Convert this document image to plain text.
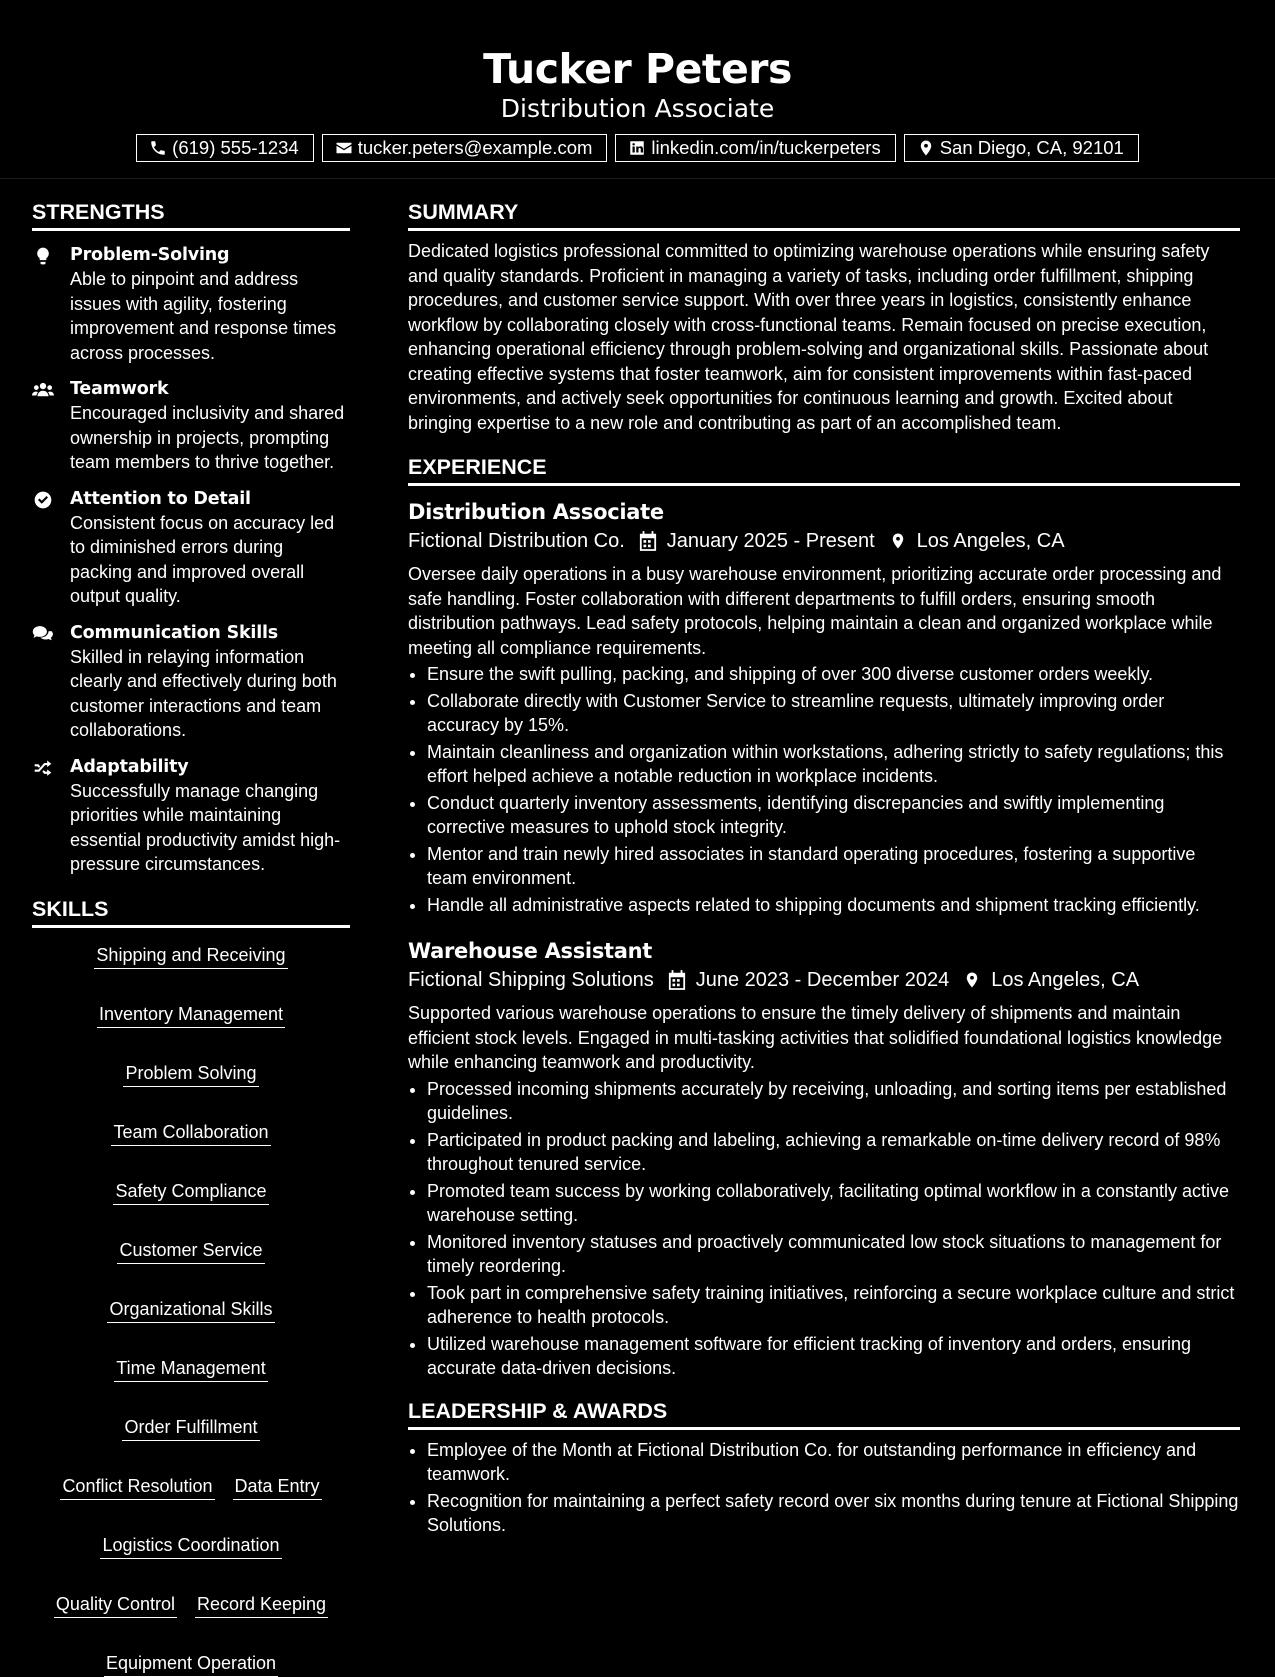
Tucker Peters
Distribution Associate
(619) 555-1234	tucker.peters@example.com	linkedin.com/in/tuckerpeters	San Diego, CA, 92101
STRENGTHS
Problem-Solving
Able to pinpoint and address issues with agility, fostering improvement and response times across processes.
Teamwork
Encouraged inclusivity and shared ownership in projects, prompting team members to thrive together.
Attention to Detail
Consistent focus on accuracy led to diminished errors during packing and improved overall output quality.
Communication Skills
Skilled in relaying information clearly and effectively during both customer interactions and team collaborations.
Adaptability
Successfully manage changing priorities while maintaining essential productivity amidst high-pressure circumstances.
SKILLS
Shipping and Receiving
Inventory Management
Problem Solving
Team Collaboration
Safety Compliance
Customer Service
Organizational Skills
Time Management
Order Fulfillment
Conflict Resolution Data Entry
Logistics Coordination
Quality Control Record Keeping
Equipment Operation
SUMMARY

Dedicated logistics professional committed to optimizing warehouse operations while ensuring safety and quality standards. Proficient in managing a variety of tasks, including order fulfillment, shipping procedures, and customer service support. With over three years in logistics, consistently enhance workflow by collaborating closely with cross-functional teams. Remain focused on precise execution, enhancing operational efficiency through problem-solving and organizational skills. Passionate about creating effective systems that foster teamwork, aim for consistent improvements within fast-paced environments, and actively seek opportunities for continuous learning and growth. Excited about bringing expertise to a new role and contributing as part of an accomplished team.

EXPERIENCE
Distribution Associate
Fictional Distribution Co. January 2025 - Present Los Angeles, CA

Oversee daily operations in a busy warehouse environment, prioritizing accurate order processing and safe handling. Foster collaboration with different departments to fulfill orders, ensuring smooth distribution pathways. Lead safety protocols, helping maintain a clean and organized workplace while meeting all compliance requirements.

• Ensure the swift pulling, packing, and shipping of over 300 diverse customer orders weekly.
• Collaborate directly with Customer Service to streamline requests, ultimately improving order accuracy by 15%.
• Maintain cleanliness and organization within workstations, adhering strictly to safety regulations; this effort helped achieve a notable reduction in workplace incidents.
• Conduct quarterly inventory assessments, identifying discrepancies and swiftly implementing corrective measures to uphold stock integrity.
• Mentor and train newly hired associates in standard operating procedures, fostering a supportive team environment.
• Handle all administrative aspects related to shipping documents and shipment tracking efficiently.
Warehouse Assistant
Fictional Shipping Solutions June 2023 - December 2024 Los Angeles, CA

Supported various warehouse operations to ensure the timely delivery of shipments and maintain efficient stock levels. Engaged in multi-tasking activities that solidified foundational logistics knowledge while enhancing teamwork and productivity.

• Processed incoming shipments accurately by receiving, unloading, and sorting items per established guidelines.
• Participated in product packing and labeling, achieving a remarkable on-time delivery record of 98% throughout tenured service.
• Promoted team success by working collaboratively, facilitating optimal workflow in a constantly active warehouse setting.
• Monitored inventory statuses and proactively communicated low stock situations to management for timely reordering.
• Took part in comprehensive safety training initiatives, reinforcing a secure workplace culture and strict adherence to health protocols.
• Utilized warehouse management software for efficient tracking of inventory and orders, ensuring accurate data-driven decisions.
LEADERSHIP & AWARDS
• Employee of the Month at Fictional Distribution Co. for outstanding performance in efficiency and teamwork.
• Recognition for maintaining a perfect safety record over six months during tenure at Fictional Shipping Solutions.
